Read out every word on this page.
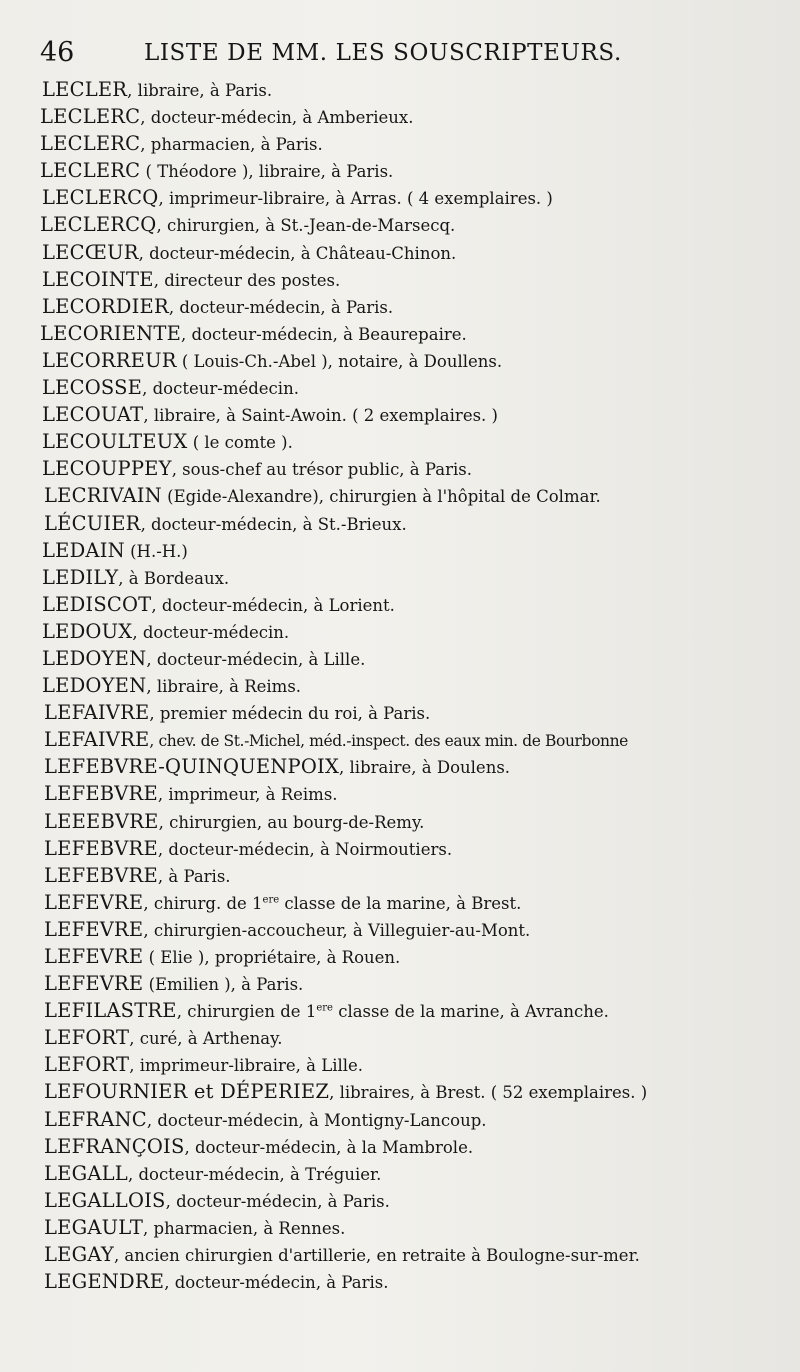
46	LISTE DE MM. LES SOUSCRIPTEURS.
LECLER, libraire, à Paris.
LECLERC, docteur-médecin, à Amberieux.
LECLERC, pharmacien, à Paris.
LECLERC ( Théodore ), libraire, à Paris.
LECLERCQ, imprimeur-libraire, à Arras. ( 4 exemplaires. )
LECLERCQ, chirurgien, à St.-Jean-de-Marsecq.
LECŒUR, docteur-médecin, à Château-Chinon.
LECOINTE, directeur des postes.
LECORDIER, docteur-médecin, à Paris.
LECORIENTE, docteur-médecin, à Beaurepaire.
LECORREUR ( Louis-Ch.-Abel ), notaire, à Doullens.
LECOSSE, docteur-médecin.
LECOUAT, libraire, à Saint-Awoin. ( 2 exemplaires. )
LECOULTEUX ( le comte ).
LECOUPPEY, sous-chef au trésor public, à Paris.
LECRIVAIN (Egide-Alexandre), chirurgien à l'hôpital de Colmar.
LÉCUIER, docteur-médecin, à St.-Brieux.
LEDAIN (H.-H.)
LEDILY, à Bordeaux.
LEDISCOT, docteur-médecin, à Lorient.
LEDOUX, docteur-médecin.
LEDOYEN, docteur-médecin, à Lille.
LEDOYEN, libraire, à Reims.
LEFAIVRE, premier médecin du roi, à Paris.
LEFAIVRE, chev. de St.-Michel, méd.-inspect. des eaux min. de Bourbonne
LEFEBVRE-QUINQUENPOIX, libraire, à Doulens.
LEFEBVRE, imprimeur, à Reims.
LEEEBVRE, chirurgien, au bourg-de-Remy.
LEFEBVRE, docteur-médecin, à Noirmoutiers.
LEFEBVRE, à Paris.
LEFEVRE, chirurg. de 1ere classe de la marine, à Brest.
LEFEVRE, chirurgien-accoucheur, à Villeguier-au-Mont.
LEFEVRE ( Elie ), propriétaire, à Rouen.
LEFEVRE (Emilien ), à Paris.
LEFILASTRE, chirurgien de 1ere classe de la marine, à Avranche.
LEFORT, curé, à Arthenay.
LEFORT, imprimeur-libraire, à Lille.
LEFOURNIER et DÉPERIEZ, libraires, à Brest. ( 52 exemplaires. )
LEFRANC, docteur-médecin, à Montigny-Lancoup.
LEFRANÇOIS, docteur-médecin, à la Mambrole.
LEGALL, docteur-médecin, à Tréguier.
LEGALLOIS, docteur-médecin, à Paris.
LEGAULT, pharmacien, à Rennes.
LEGAY, ancien chirurgien d'artillerie, en retraite à Boulogne-sur-mer.
LEGENDRE, docteur-médecin, à Paris.
